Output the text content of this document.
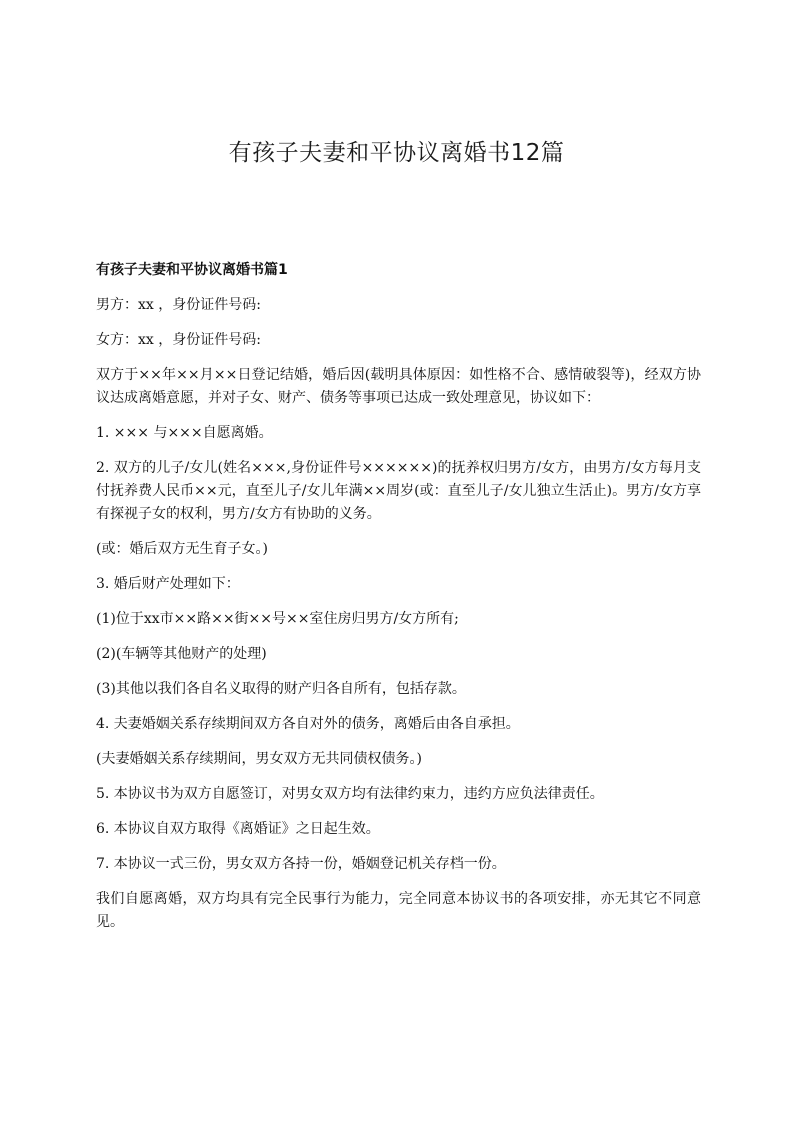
有孩子夫妻和平协议离婚书12篇
有孩子夫妻和平协议离婚书篇1

男方：xx ，身份证件号码:

女方：xx ，身份证件号码:

双方于××年××月××日登记结婚，婚后因(载明具体原因：如性格不合、感情破裂等)，经双方协议达成离婚意愿，并对子女、财产、债务等事项已达成一致处理意见，协议如下：

1. ××× 与×××自愿离婚。

2. 双方的儿子/女儿(姓名×××,身份证件号××××××)的抚养权归男方/女方，由男方/女方每月支付抚养费人民币××元，直至儿子/女儿年满××周岁(或：直至儿子/女儿独立生活止)。男方/女方享有探视子女的权利，男方/女方有协助的义务。

(或：婚后双方无生育子女。)

3. 婚后财产处理如下：

(1)位于xx市××路××街××号××室住房归男方/女方所有;

(2)(车辆等其他财产的处理)

(3)其他以我们各自名义取得的财产归各自所有，包括存款。

4. 夫妻婚姻关系存续期间双方各自对外的债务，离婚后由各自承担。

(夫妻婚姻关系存续期间，男女双方无共同债权债务。)

5. 本协议书为双方自愿签订，对男女双方均有法律约束力，违约方应负法律责任。

6. 本协议自双方取得《离婚证》之日起生效。

7. 本协议一式三份，男女双方各持一份，婚姻登记机关存档一份。

我们自愿离婚，双方均具有完全民事行为能力，完全同意本协议书的各项安排，亦无其它不同意见。
